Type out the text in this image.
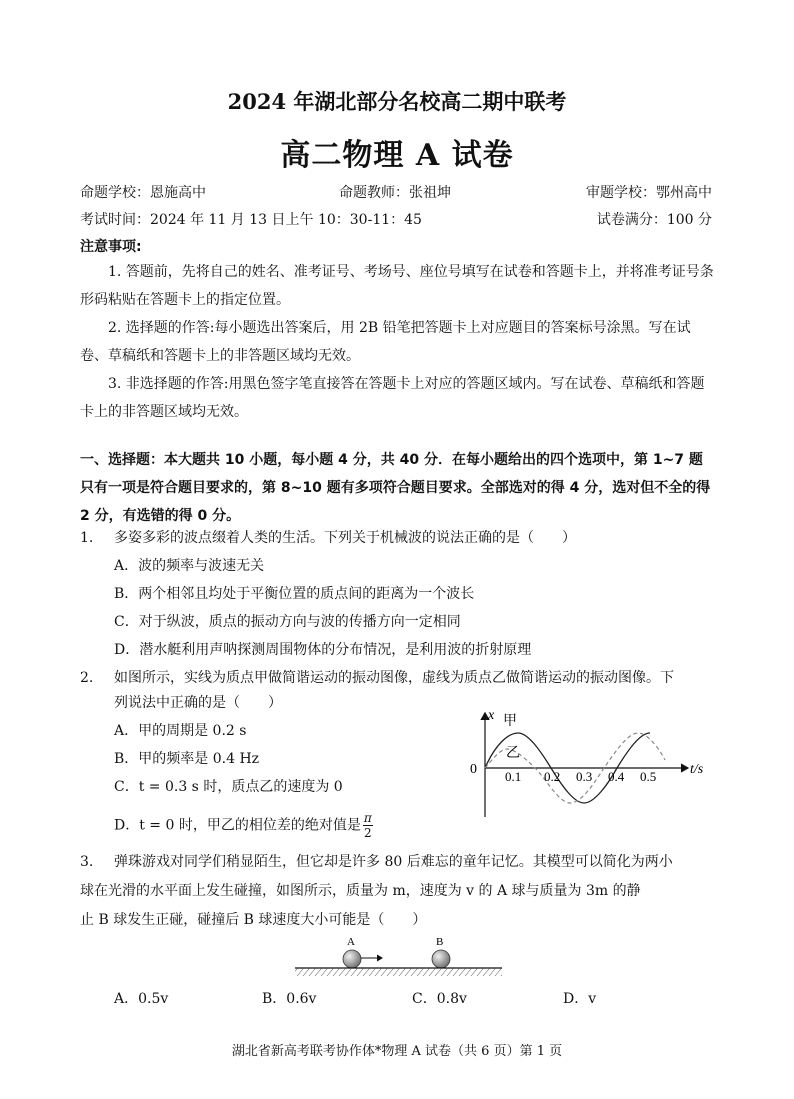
2024 年湖北部分名校高二期中联考
高二物理 A 试卷
命题学校：恩施高中	命题教师：张祖坤	审题学校：鄂州高中
考试时间：2024 年 11 月 13 日上午 10：30-11：45	试卷满分：100 分
注意事项:
1. 答题前，先将自己的姓名、准考证号、考场号、座位号填写在试卷和答题卡上，并将准考证号条形码粘贴在答题卡上的指定位置。
2. 选择题的作答:每小题选出答案后，用 2B 铅笔把答题卡上对应题目的答案标号涂黑。写在试卷、草稿纸和答题卡上的非答题区域均无效。
3. 非选择题的作答:用黑色签字笔直接答在答题卡上对应的答题区域内。写在试卷、草稿纸和答题卡上的非答题区域均无效。
一、选择题：本大题共 10 小题，每小题 4 分，共 40 分．在每小题给出的四个选项中，第 1~7 题只有一项是符合题目要求的，第 8~10 题有多项符合题目要求。全部选对的得 4 分，选对但不全的得 2 分，有选错的得 0 分。
1. 多姿多彩的波点缀着人类的生活。下列关于机械波的说法正确的是（　　）
A．波的频率与波速无关
B．两个相邻且均处于平衡位置的质点间的距离为一个波长
C．对于纵波，质点的振动方向与波的传播方向一定相同
D．潜水艇利用声呐探测周围物体的分布情况，是利用波的折射原理
2. 如图所示，实线为质点甲做简谐运动的振动图像，虚线为质点乙做简谐运动的振动图像。下
列说法中正确的是（　　）
A．甲的周期是 0.2 s
B．甲的频率是 0.4 Hz
C．t = 0.3 s 时，质点乙的速度为 0
D．t = 0 时，甲乙的相位差的绝对值是 $\frac{\pi}{2}$
x 甲
乙
0 0.1 0.2 0.3 0.4 0.5 t/s
3. 弹珠游戏对同学们稍显陌生，但它却是许多 80 后难忘的童年记忆。其模型可以简化为两小
球在光滑的水平面上发生碰撞，如图所示，质量为 m，速度为 v 的 A 球与质量为 3m 的静
止 B 球发生正碰，碰撞后 B 球速度大小可能是（　　）
A	B
A．0.5v	B．0.6v	C．0.8v	D．v
湖北省新高考联考协作体*物理 A 试卷（共 6 页）第 1 页
